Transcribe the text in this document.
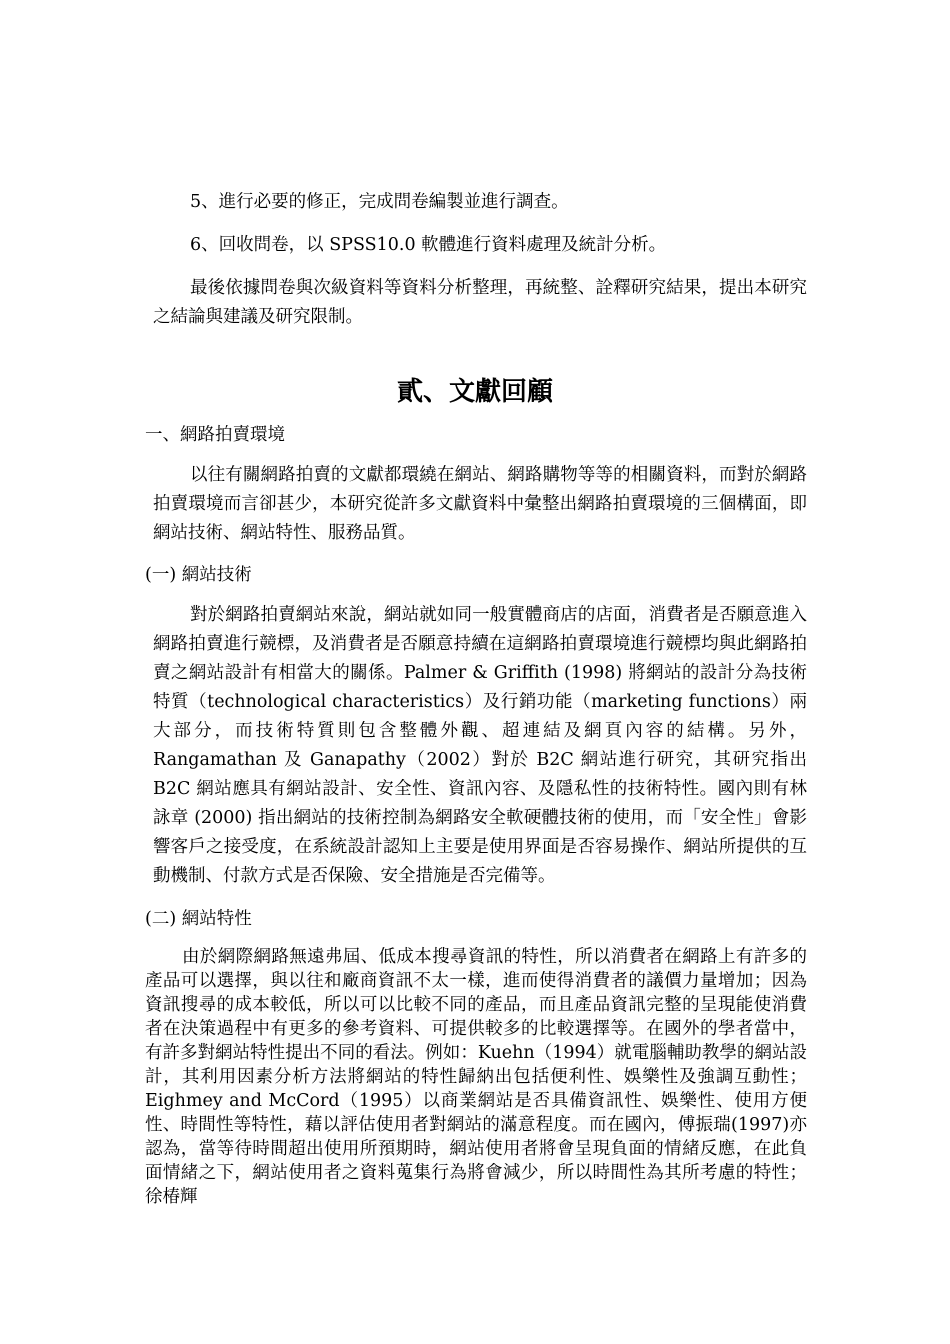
5、進行必要的修正，完成問卷編製並進行調查。

6、回收問卷，以 SPSS10.0 軟體進行資料處理及統計分析。

最後依據問卷與次級資料等資料分析整理，再統整、詮釋研究結果，提出本研究之結論與建議及研究限制。

貳、文獻回顧

一、網路拍賣環境

以往有關網路拍賣的文獻都環繞在網站、網路購物等等的相關資料，而對於網路拍賣環境而言卻甚少，本研究從許多文獻資料中彙整出網路拍賣環境的三個構面，即網站技術、網站特性、服務品質。

(一) 網站技術

對於網路拍賣網站來說，網站就如同一般實體商店的店面，消費者是否願意進入網路拍賣進行競標，及消費者是否願意持續在這網路拍賣環境進行競標均與此網路拍賣之網站設計有相當大的關係。Palmer & Griffith (1998) 將網站的設計分為技術特質（technological characteristics）及行銷功能（marketing functions）兩大部分，而技術特質則包含整體外觀、超連結及網頁內容的結構。另外，Rangamathan 及 Ganapathy（2002）對於 B2C 網站進行研究，其研究指出 B2C 網站應具有網站設計、安全性、資訊內容、及隱私性的技術特性。國內則有林詠章 (2000) 指出網站的技術控制為網路安全軟硬體技術的使用，而「安全性」會影響客戶之接受度，在系統設計認知上主要是使用界面是否容易操作、網站所提供的互動機制、付款方式是否保險、安全措施是否完備等。

(二) 網站特性

由於網際網路無遠弗屆、低成本搜尋資訊的特性，所以消費者在網路上有許多的產品可以選擇，與以往和廠商資訊不太一樣，進而使得消費者的議價力量增加；因為資訊搜尋的成本較低，所以可以比較不同的產品，而且產品資訊完整的呈現能使消費者在決策過程中有更多的參考資料、可提供較多的比較選擇等。在國外的學者當中，有許多對網站特性提出不同的看法。例如：Kuehn（1994）就電腦輔助教學的網站設計，其利用因素分析方法將網站的特性歸納出包括便利性、娛樂性及強調互動性；Eighmey and McCord（1995）以商業網站是否具備資訊性、娛樂性、使用方便性、時間性等特性，藉以評估使用者對網站的滿意程度。而在國內，傅振瑞(1997)亦認為，當等待時間超出使用所預期時，網站使用者將會呈現負面的情緒反應，在此負面情緒之下，網站使用者之資料蒐集行為將會減少，所以時間性為其所考慮的特性；徐椿輝
